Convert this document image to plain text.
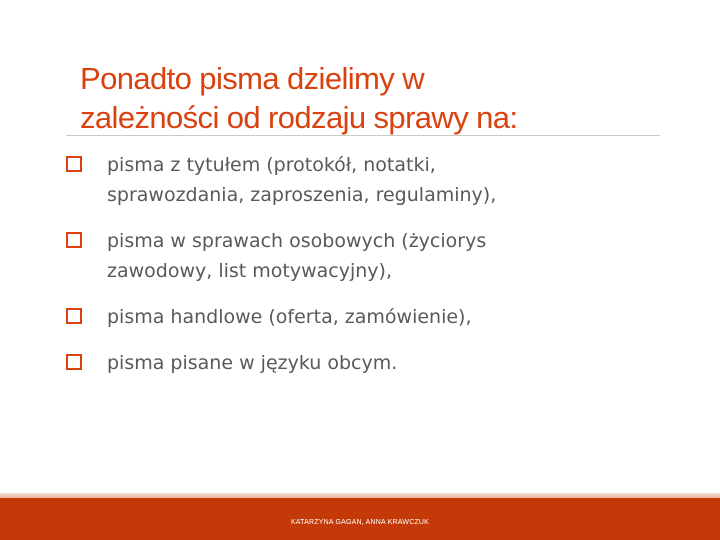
Ponadto pisma dzielimy w
zależności od rodzaju sprawy na:
pisma z tytułem (protokół, notatki,
sprawozdania, zaproszenia, regulaminy),
pisma w sprawach osobowych (życiorys
zawodowy, list motywacyjny),
pisma handlowe (oferta, zamówienie),
pisma pisane w języku obcym.
KATARZYNA GAGAN, ANNA KRAWCZUK
